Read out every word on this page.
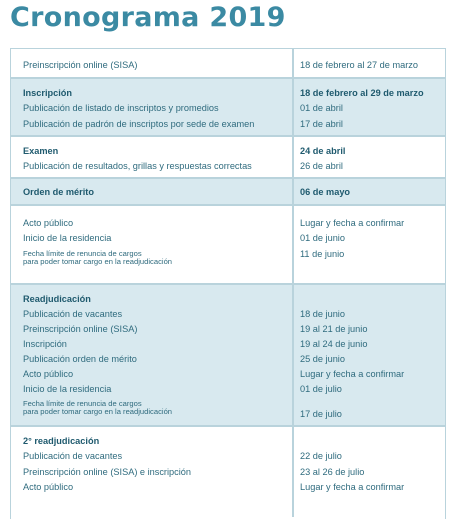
Cronograma 2019
Preinscripción online (SISA)	18 de febrero al 27 de marzo
Inscripción
Publicación de listado de inscriptos y promedios
Publicación de padrón de inscriptos por sede de examen
18 de febrero al 29 de marzo
01 de abril
17 de abril
Examen
Publicación de resultados, grillas y respuestas correctas
24 de abril
26 de abril
Orden de mérito	06 de mayo
Acto público
Inicio de la residencia
Fecha límite de renuncia de cargos
para poder tomar cargo en la readjudicación
Lugar y fecha a confirmar
01 de junio
11 de junio
Readjudicación
Publicación de vacantes
Preinscripción online (SISA)
Inscripción
Publicación orden de mérito
Acto público
Inicio de la residencia
Fecha límite de renuncia de cargos
para poder tomar cargo en la readjudicación
18 de junio
19 al 21 de junio
19 al 24 de junio
25 de junio
Lugar y fecha a confirmar
01 de julio
17 de julio
2° readjudicación
Publicación de vacantes
Preinscripción online (SISA) e inscripción
Acto público
22 de julio
23 al 26 de julio
Lugar y fecha a confirmar
